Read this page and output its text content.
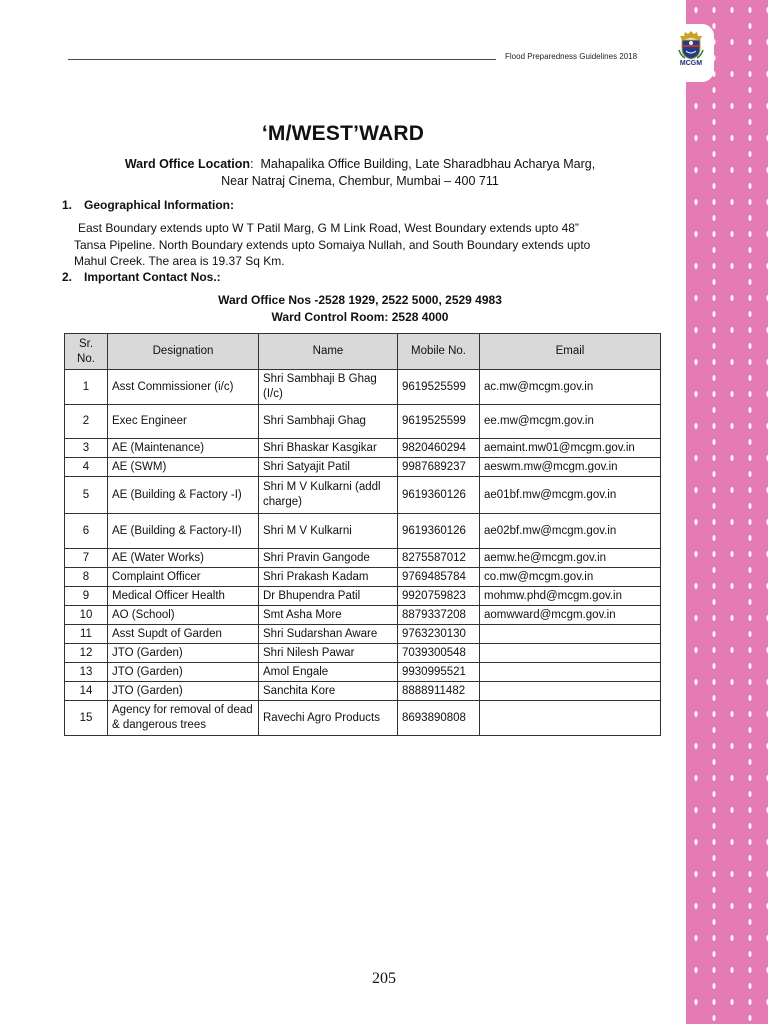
Flood Preparedness Guidelines 2018
MCGM
‘M/WEST’WARD
Ward Office Location:  Mahapalika Office Building, Late Sharadbhau Acharya Marg,
Near Natraj Cinema, Chembur, Mumbai – 400 711
1. Geographical Information:
East Boundary extends upto W T Patil Marg, G M Link Road, West Boundary extends upto 48”
Tansa Pipeline. North Boundary extends upto Somaiya Nullah, and South Boundary extends upto
Mahul Creek. The area is 19.37 Sq Km.
2. Important Contact Nos.:
Ward Office Nos -2528 1929, 2522 5000, 2529 4983
Ward Control Room: 2528 4000
Sr. No.	Designation	Name	Mobile No.	Email
1	Asst Commissioner (i/c)	Shri Sambhaji B Ghag (I/c)	9619525599	ac.mw@mcgm.gov.in
2	Exec Engineer	Shri Sambhaji Ghag	9619525599	ee.mw@mcgm.gov.in
3	AE (Maintenance)	Shri Bhaskar Kasgikar	9820460294	aemaint.mw01@mcgm.gov.in
4	AE (SWM)	Shri Satyajit Patil	9987689237	aeswm.mw@mcgm.gov.in
5	AE (Building & Factory -I)	Shri M V Kulkarni (addl charge)	9619360126	ae01bf.mw@mcgm.gov.in
6	AE (Building & Factory-II)	Shri M V Kulkarni	9619360126	ae02bf.mw@mcgm.gov.in
7	AE (Water Works)	Shri Pravin Gangode	8275587012	aemw.he@mcgm.gov.in
8	Complaint Officer	Shri Prakash Kadam	9769485784	co.mw@mcgm.gov.in
9	Medical Officer Health	Dr Bhupendra Patil	9920759823	mohmw.phd@mcgm.gov.in
10	AO (School)	Smt Asha More	8879337208	aomwward@mcgm.gov.in
11	Asst Supdt of Garden	Shri Sudarshan Aware	9763230130	
12	JTO (Garden)	Shri Nilesh Pawar	7039300548	
13	JTO (Garden)	Amol Engale	9930995521	
14	JTO (Garden)	Sanchita Kore	8888911482	
15	Agency for removal of dead & dangerous trees	Ravechi Agro Products	8693890808	
205
